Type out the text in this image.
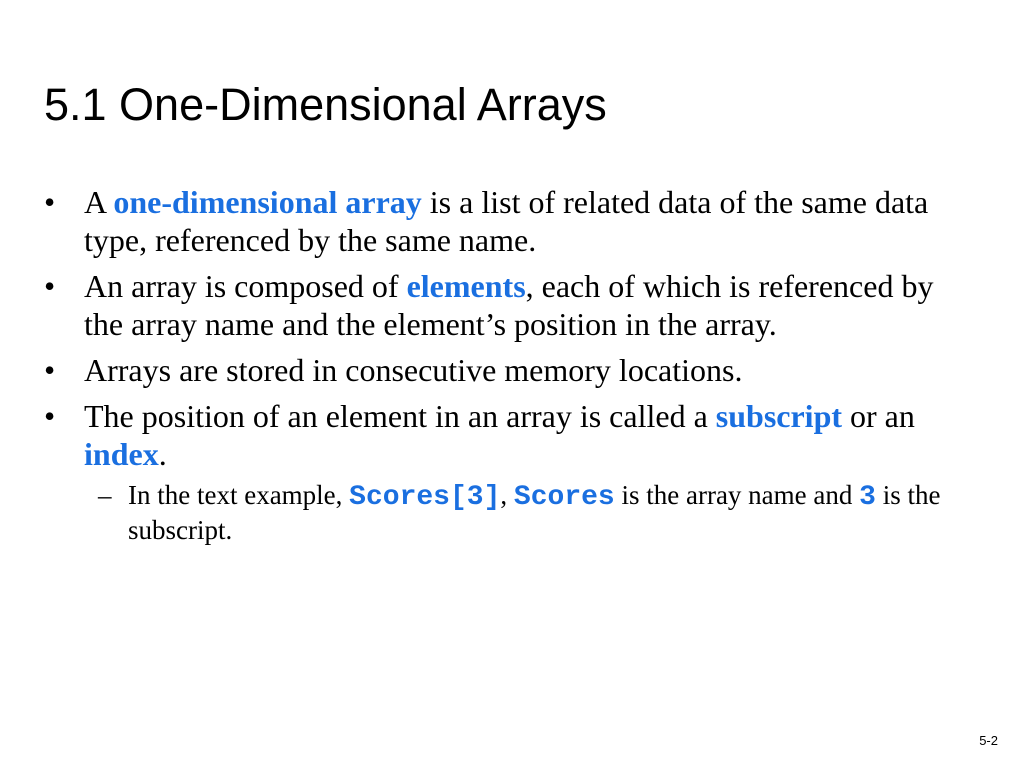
5.1 One-Dimensional Arrays
• A one-dimensional array is a list of related data of the same data type, referenced by the same name.
• An array is composed of elements, each of which is referenced by the array name and the element’s position in the array.
• Arrays are stored in consecutive memory locations.
• The position of an element in an array is called a subscript or an index.
– In the text example, Scores[3], Scores is the array name and 3 is the subscript.
5-2
